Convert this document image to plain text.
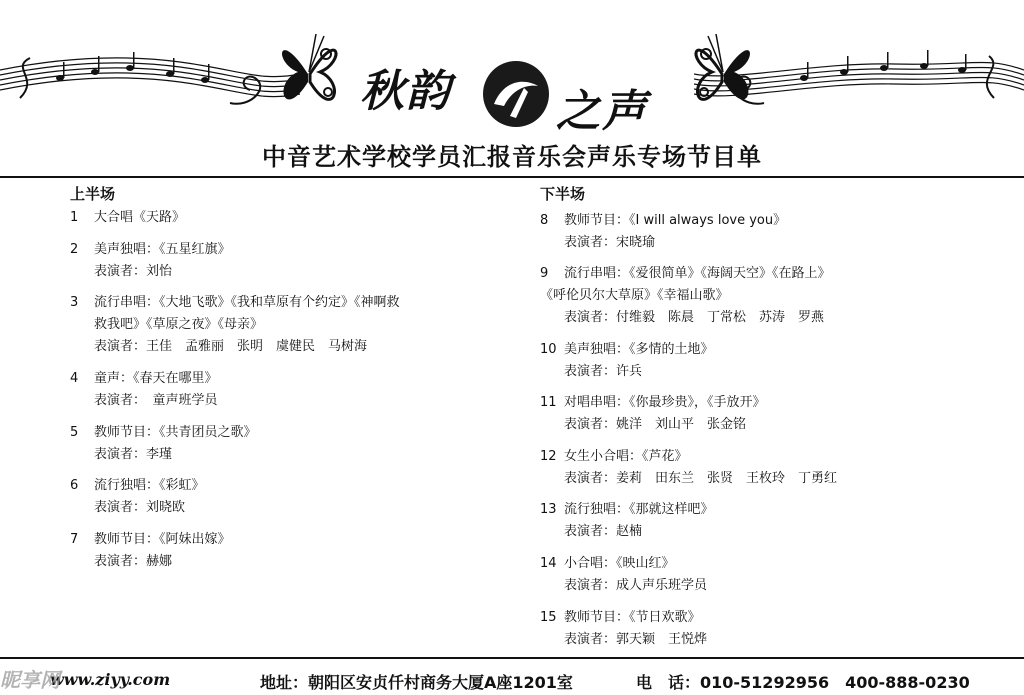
秋韵 之声
中音艺术学校学员汇报音乐会声乐专场节目单
上半场	下半场
1	大合唱《天路》
2	美声独唱：《五星红旗》
表演者：刘怡
3	流行串唱：《大地飞歌》《我和草原有个约定》《神啊救
救我吧》《草原之夜》《母亲》
表演者：王佳　孟雅丽　张明　虞健民　马树海
4	童声：《春天在哪里》
表演者：　童声班学员
5	教师节目：《共青团员之歌》
表演者：李瑾
6	流行独唱：《彩虹》
表演者：刘晓欧
7	教师节目：《阿妹出嫁》
表演者：赫娜
8	教师节目：《I will always love you》
表演者：宋晓瑜
9	流行串唱：《爱很简单》《海阔天空》《在路上》
《呼伦贝尔大草原》《幸福山歌》
表演者：付维毅　陈晨　丁常松　苏涛　罗燕
10 美声独唱：《多情的土地》
表演者：许兵
11 对唱串唱：《你最珍贵》，《手放开》
表演者：姚洋　刘山平　张金铭
12 女生小合唱：《芦花》
表演者：姜莉　田东兰　张贤　王枚玲　丁勇红
13 流行独唱：《那就这样吧》
表演者：赵楠
14 小合唱：《映山红》
表演者：成人声乐班学员
15 教师节目：《节日欢歌》
表演者：郭天颖　王悦烨
www.ziyy.com	地址：朝阳区安贞仟村商务大厦A座1201室	电　话：010-51292956　400-888-0230
昵享网
